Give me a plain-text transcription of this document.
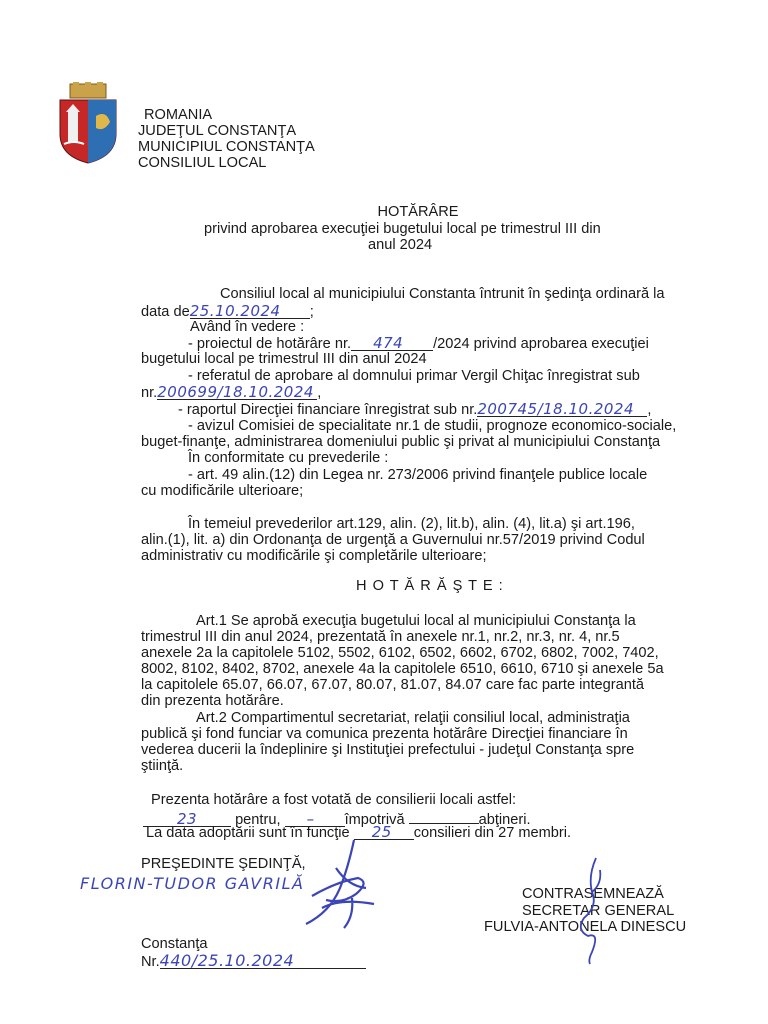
ROMANIA
JUDEŢUL CONSTANŢA
MUNICIPIUL CONSTANŢA
CONSILIUL LOCAL
HOTĂRÂRE
privind aprobarea execuţiei bugetului local pe trimestrul III din
anul 2024
Consiliul local al municipiului Constanta întrunit în şedinţa ordinară la
data de25.10.2024 ;
Având în vedere :
- proiectul de hotărâre nr. 474 /2024 privind aprobarea execuţiei
bugetului local pe trimestrul III din anul 2024
- referatul de aprobare al domnului primar Vergil Chiţac înregistrat sub
nr.200699/18.10.2024 ,
- raportul Direcţiei financiare înregistrat sub nr.200745/18.10.2024 ,
- avizul Comisiei de specialitate nr.1 de studii, prognoze economico-sociale,
buget-finanţe, administrarea domeniului public şi privat al municipiului Constanţa
În conformitate cu prevederile :
- art. 49 alin.(12) din Legea nr. 273/2006 privind finanţele publice locale
cu modificările ulterioare;
În temeiul prevederilor art.129, alin. (2), lit.b), alin. (4), lit.a) şi art.196,
alin.(1), lit. a) din Ordonanţa de urgenţă a Guvernului nr.57/2019 privind Codul
administrativ cu modificările şi completările ulterioare;
H O T Ă R Ă Ş T E :
Art.1 Se aprobă execuţia bugetului local al municipiului Constanţa la
trimestrul III din anul 2024, prezentată în anexele nr.1, nr.2, nr.3, nr. 4, nr.5
anexele 2a la capitolele 5102, 5502, 6102, 6502, 6602, 6702, 6802, 7002, 7402,
8002, 8102, 8402, 8702, anexele 4a la capitolele 6510, 6610, 6710 şi anexele 5a
la capitolele 65.07, 66.07, 67.07, 80.07, 81.07, 84.07 care fac parte integrantă
din prezenta hotărâre.
Art.2 Compartimentul secretariat, relaţii consiliul local, administraţia
publică şi fond funciar va comunica prezenta hotărâre Direcţiei financiare în
vederea ducerii la îndeplinire şi Instituţiei prefectului - judeţul Constanţa spre
ştiinţă.
Prezenta hotărâre a fost votată de consilierii locali astfel:
23	pentru, – împotrivă	abţineri.
La data adoptării sunt în funcţie 25 consilieri din 27 membri.
PREŞEDINTE ŞEDINŢĂ,
FLORIN-TUDOR GAVRILĂ
CONTRASEMNEAZĂ
SECRETAR GENERAL
FULVIA-ANTONELA DINESCU
Constanţa
Nr.440/25.10.2024
